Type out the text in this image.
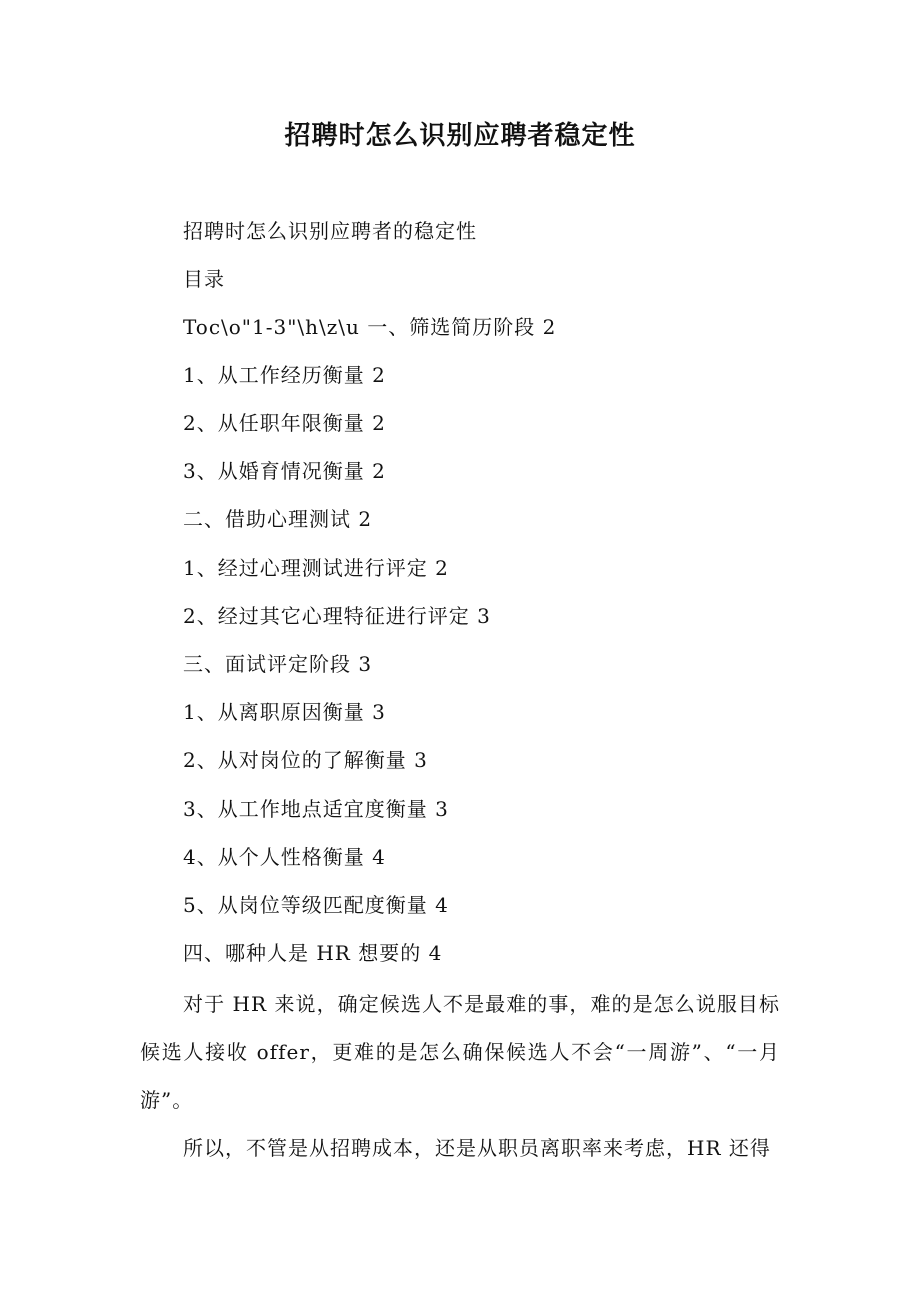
招聘时怎么识别应聘者稳定性

招聘时怎么识别应聘者的稳定性

目录

Toc\o"1-3"\h\z\u 一、筛选简历阶段 2

1、从工作经历衡量 2

2、从任职年限衡量 2

3、从婚育情况衡量 2

二、借助心理测试 2

1、经过心理测试进行评定 2

2、经过其它心理特征进行评定 3

三、面试评定阶段 3

1、从离职原因衡量 3

2、从对岗位的了解衡量 3

3、从工作地点适宜度衡量 3

4、从个人性格衡量 4

5、从岗位等级匹配度衡量 4

四、哪种人是 HR 想要的 4

对于 HR 来说，确定候选人不是最难的事，难的是怎么说服目标候选人接收 offer，更难的是怎么确保候选人不会“一周游”、“一月游”。

所以，不管是从招聘成本，还是从职员离职率来考虑，HR 还得
